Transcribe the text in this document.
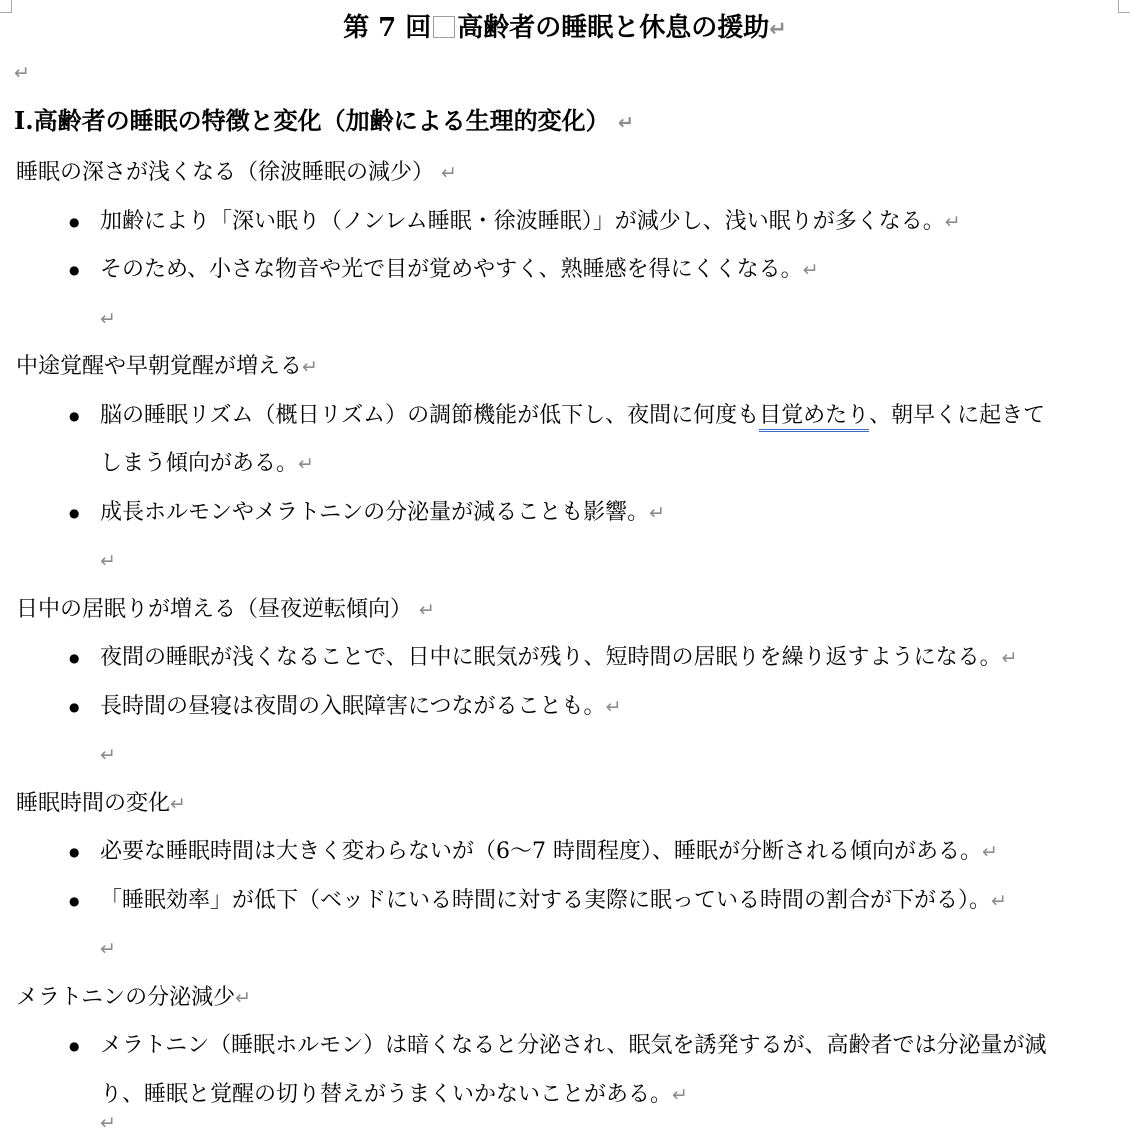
第 7 回 高齢者の睡眠と休息の援助↵
↵
Ⅰ.高齢者の睡眠の特徴と変化（加齢による生理的変化） ↵
睡眠の深さが浅くなる（徐波睡眠の減少） ↵
● 加齢により「深い眠り（ノンレム睡眠・徐波睡眠）」が減少し、浅い眠りが多くなる。↵
● そのため、小さな物音や光で目が覚めやすく、熟睡感を得にくくなる。↵
↵
中途覚醒や早朝覚醒が増える↵
● 脳の睡眠リズム（概日リズム）の調節機能が低下し、夜間に何度も目覚めたり、朝早くに起きて
しまう傾向がある。↵
● 成長ホルモンやメラトニンの分泌量が減ることも影響。↵
↵
日中の居眠りが増える（昼夜逆転傾向） ↵
● 夜間の睡眠が浅くなることで、日中に眠気が残り、短時間の居眠りを繰り返すようになる。↵
● 長時間の昼寝は夜間の入眠障害につながることも。↵
↵
睡眠時間の変化↵
● 必要な睡眠時間は大きく変わらないが（6～7 時間程度）、睡眠が分断される傾向がある。↵
● 「睡眠効率」が低下（ベッドにいる時間に対する実際に眠っている時間の割合が下がる）。↵
↵
メラトニンの分泌減少↵
● メラトニン（睡眠ホルモン）は暗くなると分泌され、眠気を誘発するが、高齢者では分泌量が減
り、睡眠と覚醒の切り替えがうまくいかないことがある。↵
↵
